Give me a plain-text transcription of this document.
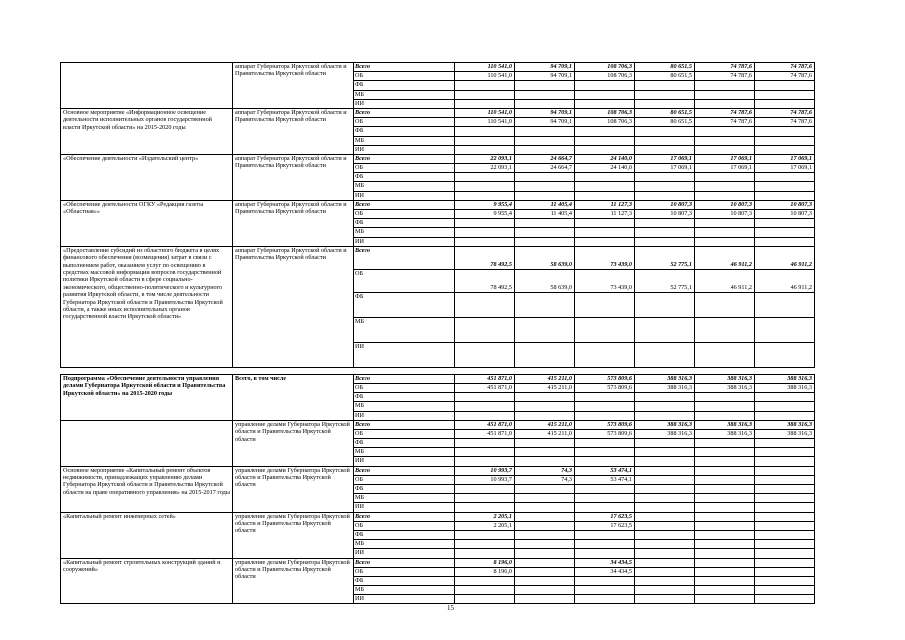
	аппарат Губернатора Иркутской области и Правительства Иркутской области	Всего	110 541,0	94 709,1	108 706,3	80 651,5	74 787,6	74 787,6
		ОБ	110 541,0	94 709,1	108 706,3	80 651,5	74 787,6	74 787,6
		ФБ						
		МБ						
		ИИ						
Основное мероприятие «Информационное освещение деятельности исполнительных органов государственной власти Иркутской области» на 2015-2020 годы	аппарат Губернатора Иркутской области и Правительства Иркутской области	Всего	110 541,0	94 709,1	108 706,3	80 651,5	74 787,6	74 787,6
		ОБ	110 541,0	94 709,1	108 706,3	80 651,5	74 787,6	74 787,6
		ФБ						
		МБ						
		ИИ						
«Обеспечение деятельности «Издательский центр»	аппарат Губернатора Иркутской области и Правительства Иркутской области	Всего	22 093,1	24 664,7	24 140,0	17 069,1	17 069,1	17 069,1
		ОБ	22 093,1	24 664,7	24 140,0	17 069,1	17 069,1	17 069,1
		ФБ						
		МБ						
		ИИ						
«Обеспечение деятельности ОГКУ «Редакция газеты «Областная»»	аппарат Губернатора Иркутской области и Правительства Иркутской области	Всего	9 955,4	11 405,4	11 127,3	10 807,3	10 807,3	10 807,3
		ОБ	9 955,4	11 405,4	11 127,3	10 807,3	10 807,3	10 807,3
		ФБ						
		МБ						
		ИИ						
«Предоставление субсидий из областного бюджета в целях финансового обеспечения (возмещения) затрат в связи с выполнением работ, оказанием услуг по освещению в средствах массовой информации вопросов государственной политики Иркутской области в сфере социально-экономического, общественно-политического и культурного развития Иркутской области, в том числе деятельности Губернатора Иркутской области и Правительства Иркутской области, а также иных исполнительных органов государственной власти Иркутской области»	аппарат Губернатора Иркутской области и Правительства Иркутской области	Всего	78 492,5	58 639,0	73 439,0	52 775,1	46 911,2	46 911,2
		ОБ	78 492,5	58 639,0	73 439,0	52 775,1	46 911,2	46 911,2
		ФБ						
		МБ						
		ИИ						

Подпрограмма «Обеспечение деятельности управления делами Губернатора Иркутской области и Правительства Иркутской области» на 2015-2020 годы	Всего, в том числе	Всего	451 871,0	415 211,0	573 809,6	388 316,3	388 316,3	388 316,3
		ОБ	451 871,0	415 211,0	573 809,6	388 316,3	388 316,3	388 316,3
		ФБ						
		МБ						
		ИИ						
	управление делами Губернатора Иркутской области и Правительства Иркутской области	Всего	451 871,0	415 211,0	573 809,6	388 316,3	388 316,3	388 316,3
		ОБ	451 871,0	415 211,0	573 809,6	388 316,3	388 316,3	388 316,3
		ФБ						
		МБ						
		ИИ						
Основное мероприятие «Капитальный ремонт объектов недвижимости, принадлежащих управлению делами Губернатора Иркутской области и Правительства Иркутской области на праве оперативного управления» на 2015-2017 годы	управление делами Губернатора Иркутской области и Правительства Иркутской области	Всего	10 993,7	74,3	53 474,1			
		ОБ	10 993,7	74,3	53 474,1			
		ФБ						
		МБ						
		ИИ						
«Капитальный ремонт инженерных сетей»	управление делами Губернатора Иркутской области и Правительства Иркутской области	Всего	2 205,1		17 623,5			
		ОБ	2 205,1		17 623,5			
		ФБ						
		МБ						
		ИИ						
«Капитальный ремонт строительных конструкций зданий и сооружений»	управление делами Губернатора Иркутской области и Правительства Иркутской области	Всего	8 196,0		34 434,5			
		ОБ	8 196,0		34 434,5			
		ФБ						
		МБ						
		ИИ						
15
